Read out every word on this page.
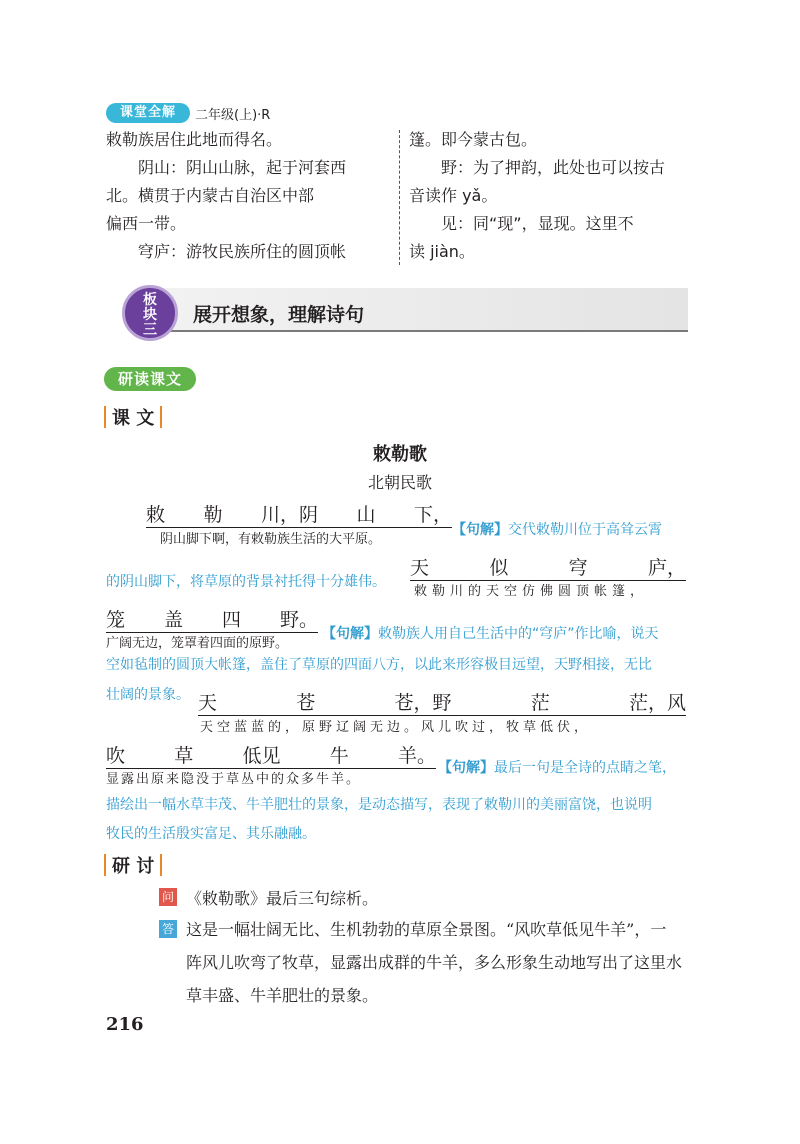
课堂全解	二年级(上)·R

敕勒族居住此地而得名。

阴山：阴山山脉，起于河套西

北。横贯于内蒙古自治区中部

偏西一带。

穹庐：游牧民族所住的圆顶帐

篷。即今蒙古包。

野：为了押韵，此处也可以按古

音读作 yǎ。

见：同“现”，显现。这里不

读 jiàn。

板块三
展开想象，理解诗句
研读课文
课 文
敕勒歌
北朝民歌
敕 勒 川，阴 山 下，
阴山脚下啊，有敕勒族生活的大平原。
【句解】交代敕勒川位于高耸云霄
的阴山脚下，将草原的背景衬托得十分雄伟。
天	似	穹	庐，
敕勒川的天空仿佛圆顶帐篷，
笼 盖 四 野。
广阔无边，笼罩着四面的原野。
【句解】敕勒族人用自己生活中的“穹庐”作比喻，说天
空如毡制的圆顶大帐篷，盖住了草原的四面八方，以此来形容极目远望，天野相接，无比
壮阔的景象。 天	苍	苍，野	茫	茫，风
天空蓝蓝的，原野辽阔无边。风儿吹过，牧草低伏，
吹	草	低见	牛	羊。
显露出原来隐没于草丛中的众多牛羊。
【句解】最后一句是全诗的点睛之笔，
描绘出一幅水草丰茂、牛羊肥壮的景象，是动态描写，表现了敕勒川的美丽富饶，也说明
牧民的生活殷实富足、其乐融融。
研 讨
问 《敕勒歌》最后三句综析。
答 这是一幅壮阔无比、生机勃勃的草原全景图。“风吹草低见牛羊”，一
阵风儿吹弯了牧草，显露出成群的牛羊，多么形象生动地写出了这里水
草丰盛、牛羊肥壮的景象。
216
